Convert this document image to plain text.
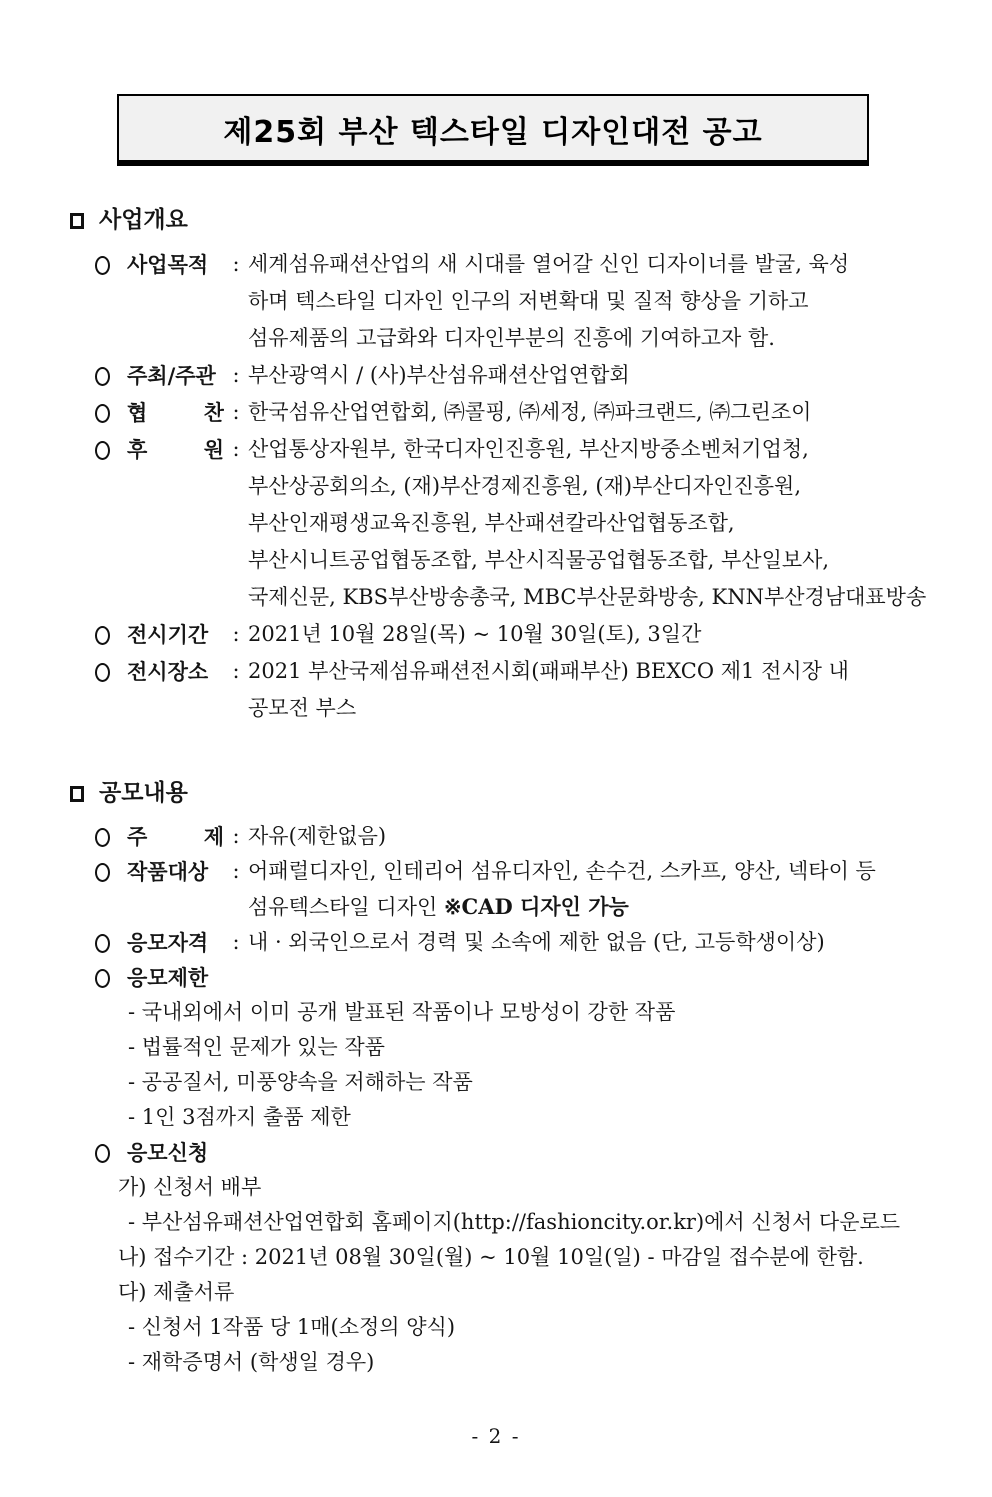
제25회 부산 텍스타일 디자인대전 공고
사업개요
사업목적	: 세계섬유패션산업의 새 시대를 열어갈 신인 디자이너를 발굴, 육성
하며 텍스타일 디자인 인구의 저변확대 및 질적 향상을 기하고
섬유제품의 고급화와 디자인부분의 진흥에 기여하고자 함.
주최/주관 : 부산광역시 / (사)부산섬유패션산업연합회
협 찬 : 한국섬유산업연합회, ㈜콜핑, ㈜세정, ㈜파크랜드, ㈜그린조이
후 원 : 산업통상자원부, 한국디자인진흥원, 부산지방중소벤처기업청,
부산상공회의소, (재)부산경제진흥원, (재)부산디자인진흥원,
부산인재평생교육진흥원, 부산패션칼라산업협동조합,
부산시니트공업협동조합, 부산시직물공업협동조합, 부산일보사,
국제신문, KBS부산방송총국, MBC부산문화방송, KNN부산경남대표방송
전시기간	: 2021년 10월 28일(목) ~ 10월 30일(토), 3일간
전시장소	: 2021 부산국제섬유패션전시회(패패부산) BEXCO 제1 전시장 내
공모전 부스
공모내용
주 제 : 자유(제한없음)
작품대상	: 어패럴디자인, 인테리어 섬유디자인, 손수건, 스카프, 양산, 넥타이 등
섬유텍스타일 디자인 ※CAD 디자인 가능
응모자격	: 내 · 외국인으로서 경력 및 소속에 제한 없음 (단, 고등학생이상)
응모제한
- 국내외에서 이미 공개 발표된 작품이나 모방성이 강한 작품
- 법률적인 문제가 있는 작품
- 공공질서, 미풍양속을 저해하는 작품
- 1인 3점까지 출품 제한
응모신청
가) 신청서 배부
- 부산섬유패션산업연합회 홈페이지(http://fashioncity.or.kr)에서 신청서 다운로드
나) 접수기간 : 2021년 08월 30일(월) ~ 10월 10일(일) - 마감일 접수분에 한함.
다) 제출서류
- 신청서 1작품 당 1매(소정의 양식)
- 재학증명서 (학생일 경우)
- 2 -
